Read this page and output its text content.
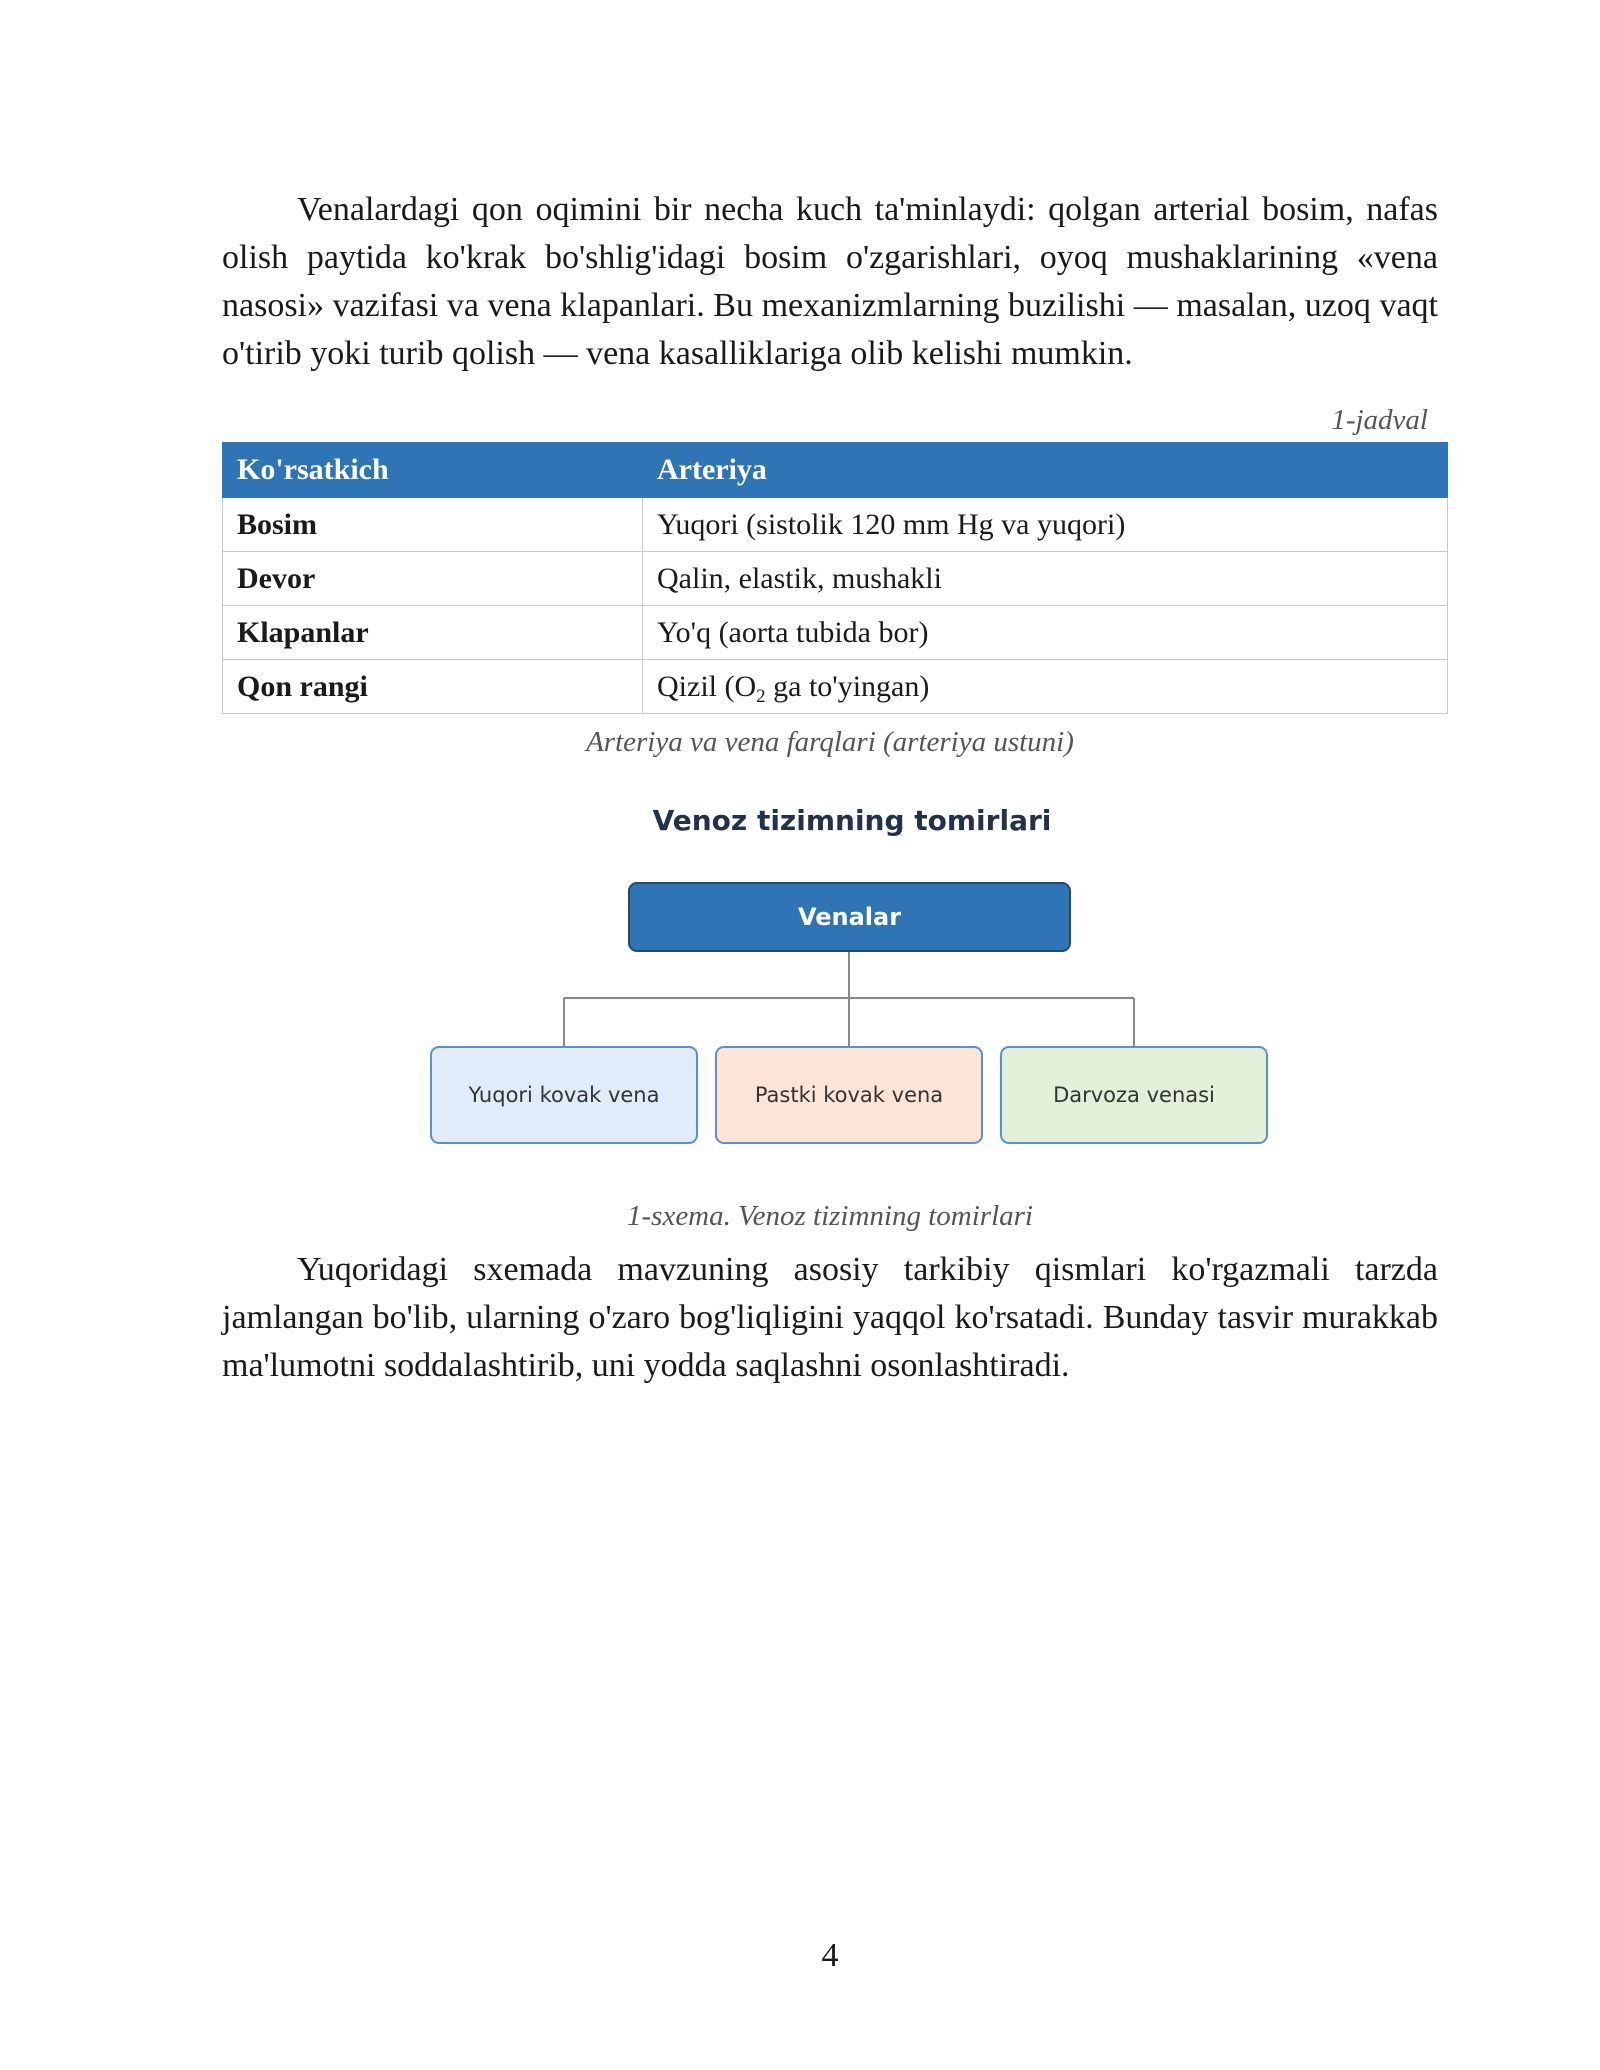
Venalardagi qon oqimini bir necha kuch ta'minlaydi: qolgan arterial bosim, nafas olish paytida ko'krak bo'shlig'idagi bosim o'zgarishlari, oyoq mushaklarining «vena nasosi» vazifasi va vena klapanlari. Bu mexanizmlarning buzilishi — masalan, uzoq vaqt o'tirib yoki turib qolish — vena kasalliklariga olib kelishi mumkin.

1-jadval
Ko'rsatkich	Arteriya
Bosim	Yuqori (sistolik 120 mm Hg va yuqori)
Devor	Qalin, elastik, mushakli
Klapanlar	Yo'q (aorta tubida bor)
Qon rangi	Qizil ($O_2$ ga to'yingan)
Arteriya va vena farqlari (arteriya ustuni)
Venoz tizimning tomirlari
Venalar
Yuqori kovak vena	Pastki kovak vena	Darvoza venasi
1-sxema. Venoz tizimning tomirlari

Yuqoridagi sxemada mavzuning asosiy tarkibiy qismlari ko'rgazmali tarzda jamlangan bo'lib, ularning o'zaro bog'liqligini yaqqol ko'rsatadi. Bunday tasvir murakkab ma'lumotni soddalashtirib, uni yodda saqlashni osonlashtiradi.

4
